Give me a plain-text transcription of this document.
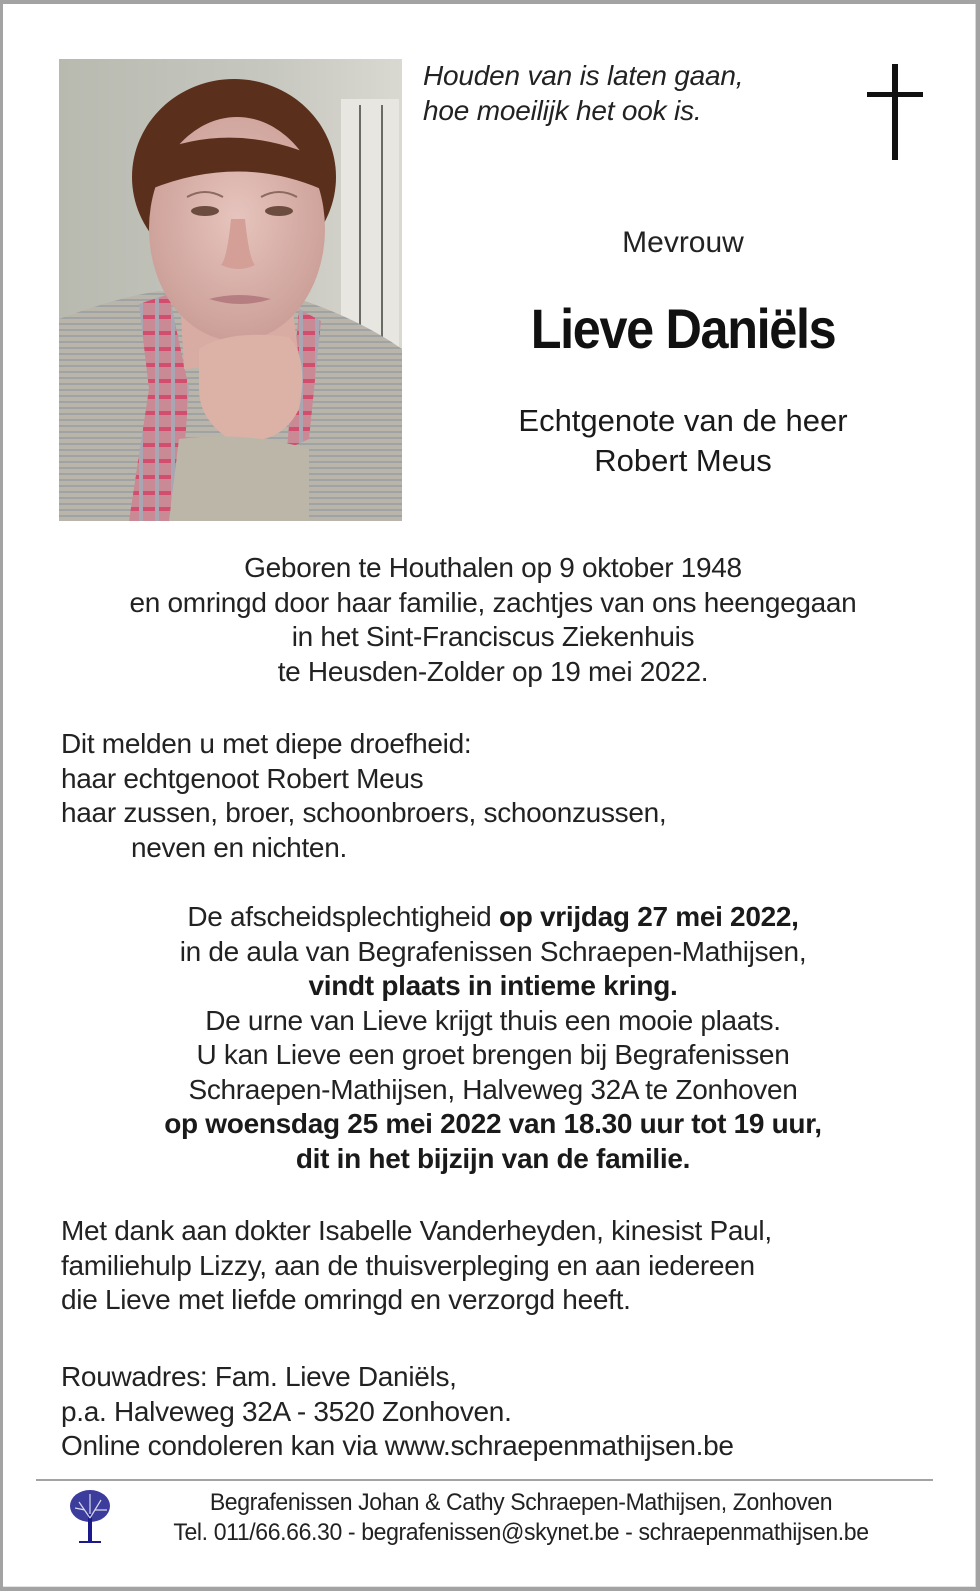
Houden van is laten gaan,
hoe moeilijk het ook is.
Mevrouw
Lieve Daniëls
Echtgenote van de heer
Robert Meus
Geboren te Houthalen op 9 oktober 1948
en omringd door haar familie, zachtjes van ons heengegaan
in het Sint-Franciscus Ziekenhuis
te Heusden-Zolder op 19 mei 2022.
Dit melden u met diepe droefheid:
haar echtgenoot Robert Meus
haar zussen, broer, schoonbroers, schoonzussen,
neven en nichten.
De afscheidsplechtigheid op vrijdag 27 mei 2022,
in de aula van Begrafenissen Schraepen-Mathijsen,
vindt plaats in intieme kring.
De urne van Lieve krijgt thuis een mooie plaats.
U kan Lieve een groet brengen bij Begrafenissen
Schraepen-Mathijsen, Halveweg 32A te Zonhoven
op woensdag 25 mei 2022 van 18.30 uur tot 19 uur,
dit in het bijzijn van de familie.
Met dank aan dokter Isabelle Vanderheyden, kinesist Paul,
familiehulp Lizzy, aan de thuisverpleging en aan iedereen
die Lieve met liefde omringd en verzorgd heeft.
Rouwadres: Fam. Lieve Daniëls,
p.a. Halveweg 32A - 3520 Zonhoven.
Online condoleren kan via www.schraepenmathijsen.be
Begrafenissen Johan & Cathy Schraepen-Mathijsen, Zonhoven
Tel. 011/66.66.30 - begrafenissen@skynet.be - schraepenmathijsen.be
